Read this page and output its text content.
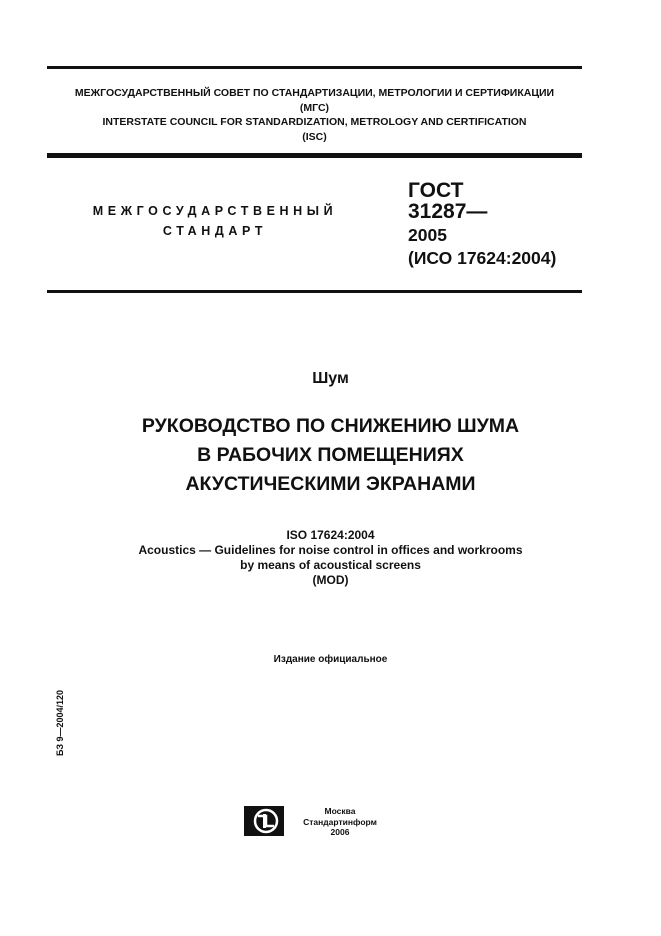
МЕЖГОСУДАРСТВЕННЫЙ СОВЕТ ПО СТАНДАРТИЗАЦИИ, МЕТРОЛОГИИ И СЕРТИФИКАЦИИ
(МГС)
INTERSTATE COUNCIL FOR STANDARDIZATION, METROLOGY AND CERTIFICATION
(ISC)
МЕЖГОСУДАРСТВЕННЫЙ
СТАНДАРТ
ГОСТ
31287—
2005
(ИСО 17624:2004)
Шум
РУКОВОДСТВО ПО СНИЖЕНИЮ ШУМА
В РАБОЧИХ ПОМЕЩЕНИЯХ
АКУСТИЧЕСКИМИ ЭКРАНАМИ
ISO 17624:2004
Acoustics — Guidelines for noise control in offices and workrooms
by means of acoustical screens
(MOD)
Издание официальное
БЗ 9—2004/120
Москва
Стандартинформ
2006
